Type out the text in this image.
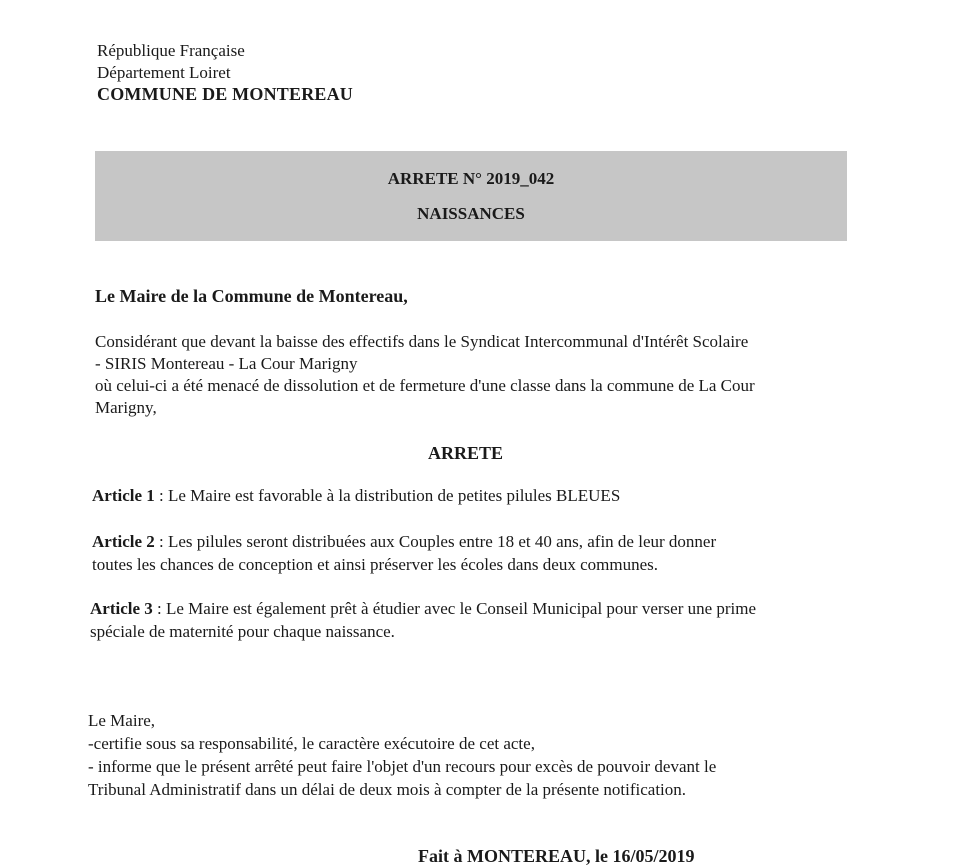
République Française
Département Loiret
COMMUNE DE MONTEREAU
ARRETE N° 2019_042
NAISSANCES
Le Maire de la Commune de Montereau,
Considérant que devant la baisse des effectifs dans le Syndicat Intercommunal d'Intérêt Scolaire
- SIRIS Montereau - La Cour Marigny
où celui-ci a été menacé de dissolution et de fermeture d'une classe dans la commune de La Cour
Marigny,
ARRETE
Article 1 : Le Maire est favorable à la distribution de petites pilules BLEUES
Article 2 : Les pilules seront distribuées aux Couples entre 18 et 40 ans, afin de leur donner
toutes les chances de conception et ainsi préserver les écoles dans deux communes.
Article 3 : Le Maire est également prêt à étudier avec le Conseil Municipal pour verser une prime
spéciale de maternité pour chaque naissance.
Le Maire,
-certifie sous sa responsabilité, le caractère exécutoire de cet acte,
- informe que le présent arrêté peut faire l'objet d'un recours pour excès de pouvoir devant le
Tribunal Administratif dans un délai de deux mois à compter de la présente notification.
Fait à MONTEREAU, le 16/05/2019
